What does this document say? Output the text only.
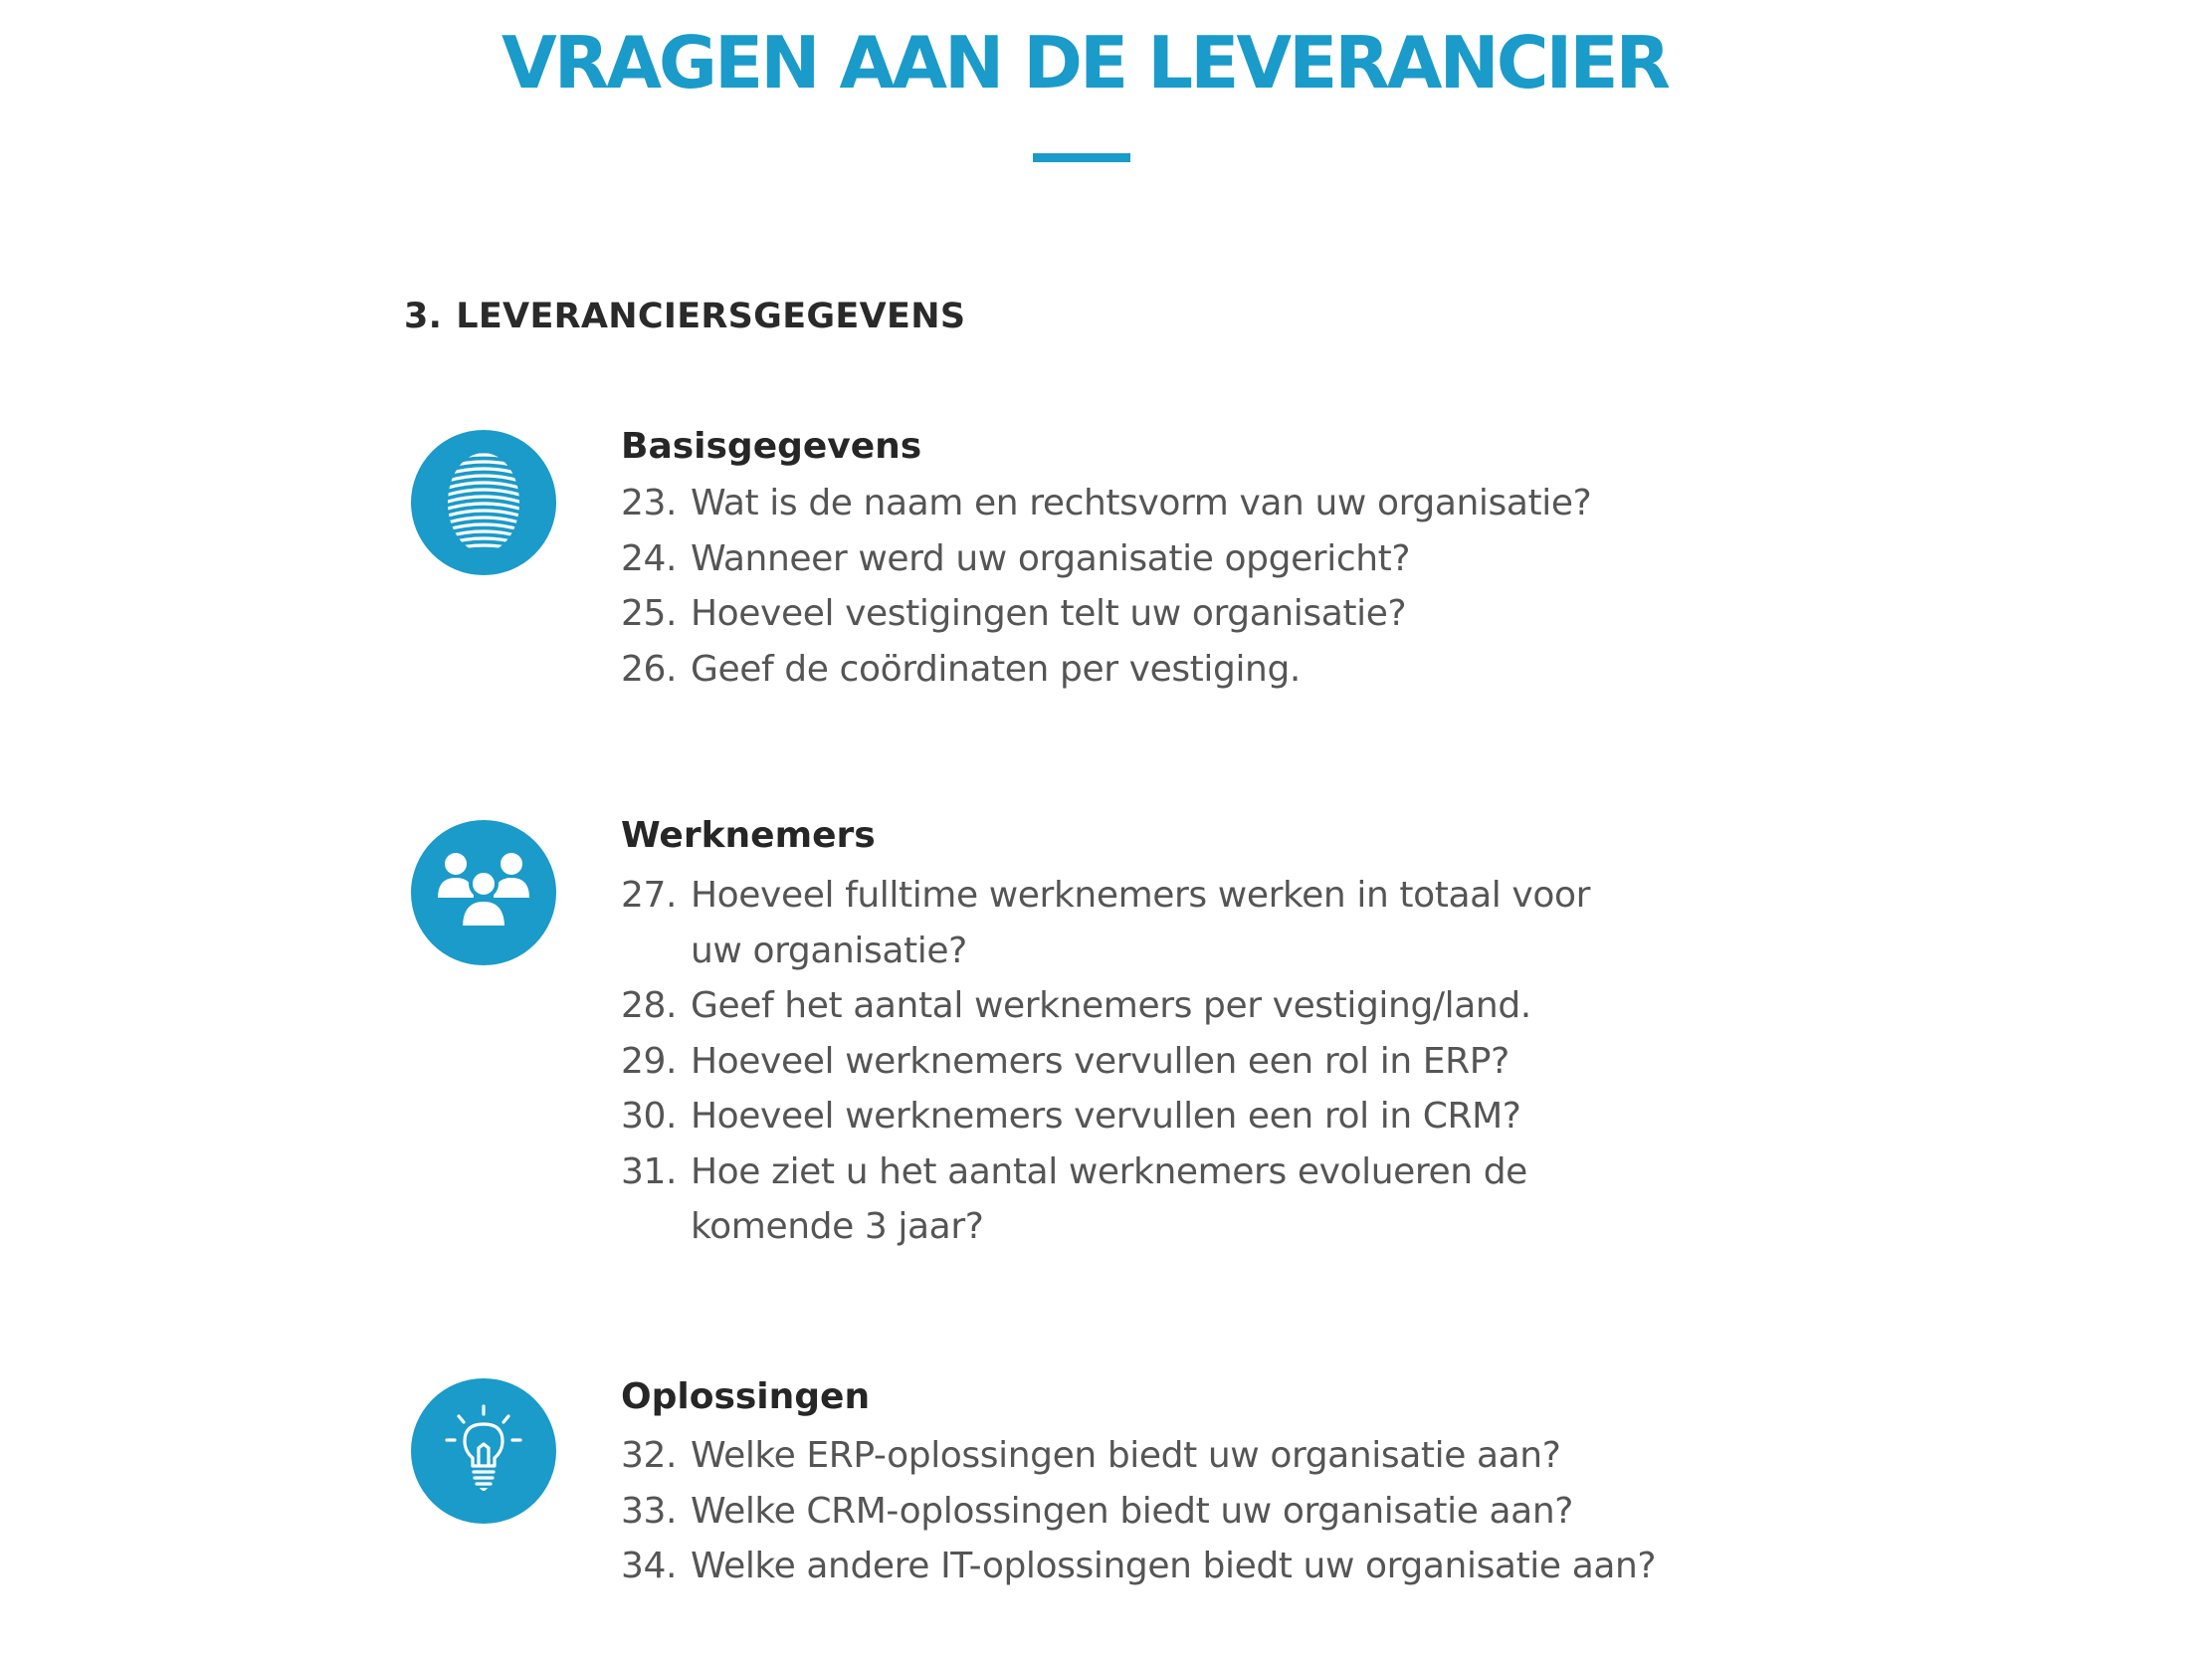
VRAGEN AAN DE LEVERANCIER
3. LEVERANCIERSGEGEVENS
Basisgegevens
23. Wat is de naam en rechtsvorm van uw organisatie?
24. Wanneer werd uw organisatie opgericht?
25. Hoeveel vestigingen telt uw organisatie?
26. Geef de coördinaten per vestiging.
Werknemers
27. Hoeveel fulltime werknemers werken in totaal voor uw organisatie?
28. Geef het aantal werknemers per vestiging/land.
29. Hoeveel werknemers vervullen een rol in ERP?
30. Hoeveel werknemers vervullen een rol in CRM?
31. Hoe ziet u het aantal werknemers evolueren de komende 3 jaar?
Oplossingen
32. Welke ERP-oplossingen biedt uw organisatie aan?
33. Welke CRM-oplossingen biedt uw organisatie aan?
34. Welke andere IT-oplossingen biedt uw organisatie aan?
